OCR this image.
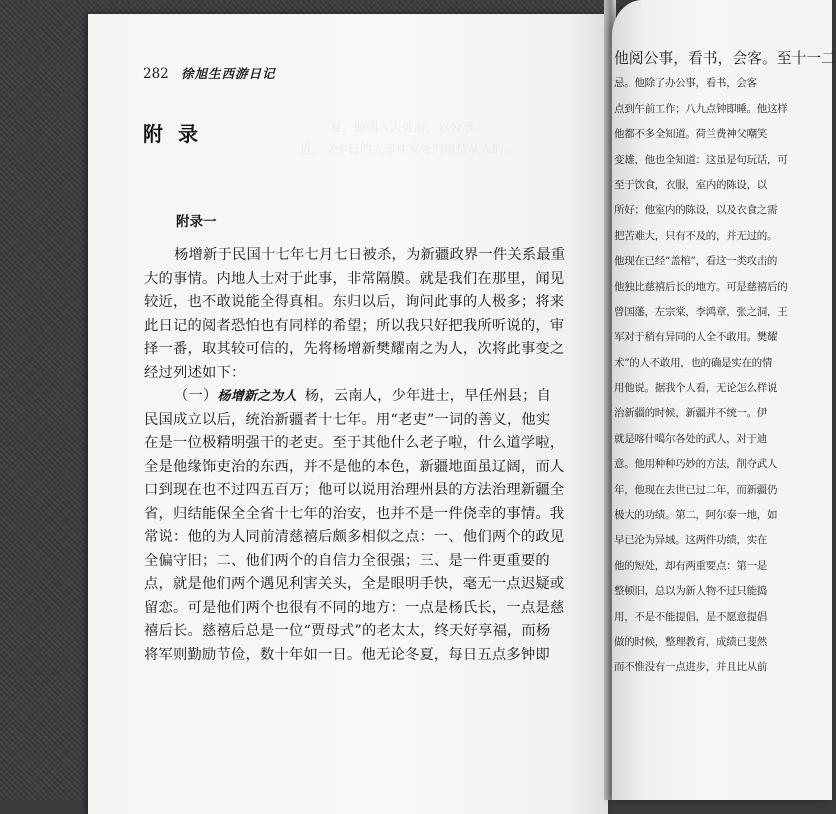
夏，照例入人处游，以公事。
近，文中日的大事件发处的事情从人的。
282 徐旭生西游日记
附 录
附录一
杨增新于民国十七年七月七日被杀，为新疆政界一件关系最重
大的事情。内地人士对于此事，非常隔膜。就是我们在那里，闻见
较近，也不敢说能全得真相。东归以后，询问此事的人极多；将来
此日记的阅者恐怕也有同样的希望；所以我只好把我所听说的，审
择一番，取其较可信的，先将杨增新樊耀南之为人，次将此事变之
经过列述如下：
（一）杨增新之为人 杨，云南人，少年进士，早任州县；自
民国成立以后，统治新疆者十七年。用“老吏”一词的善义，他实
在是一位极精明强干的老吏。至于其他什么老子啦，什么道学啦，
全是他缘饰吏治的东西，并不是他的本色，新疆地面虽辽阔，而人
口到现在也不过四五百万；他可以说用治理州县的方法治理新疆全
省，归结能保全全省十七年的治安，也并不是一件侥幸的事情。我
常说：他的为人同前清慈禧后颇多相似之点：一、他们两个的政见
全偏守旧；二、他们两个的自信力全很强；三、是一件更重要的
点，就是他们两个遇见利害关头，全是眼明手快，毫无一点迟疑或
留恋。可是他们两个也很有不同的地方：一点是杨氏长，一点是慈
禧后长。慈禧后总是一位“贾母式”的老太太，终天好享福，而杨
将军则勤励节俭，数十年如一日。他无论冬夏，每日五点多钟即
他阅公事，看书，会客。至十一二
忌。他除了办公事，看书，会客
点到午前工作；八九点钟即睡。他这样
他都不多全知道。荷兰费神父嘲笑
变雄，他也全知道：这虽是句玩话，可
至于饮食，衣服，室内的陈设，以
所好；他室内的陈设，以及衣食之需
把苦难大，只有不及的，并无过的。
他现在已经“盖棺”，看这一类攻击的
他独比慈禧后长的地方。可是慈禧后的
曾国藩，左宗棠，李鸿章，张之洞，王
军对于稍有异同的人全不敢用。樊耀
术”的人不敢用，也的确是实在的情
用他说。据我个人看，无论怎么样说
治新疆的时候，新疆并不统一。伊
就是喀什噶尔各处的武人，对于迪
意。他用种种巧妙的方法，削夺武人
年，他现在去世已过二年，而新疆仍
极大的功绩。第二，阿尔泰一地，如
早已沦为异域。这两件功绩，实在
他的短处，却有两重要点：第一是
整顿旧，总以为新人物不过只能捣
用，不是不能提倡，是不愿意提倡
做的时候，整理教育，成绩已斐然
而不惟没有一点进步，并且比从前
